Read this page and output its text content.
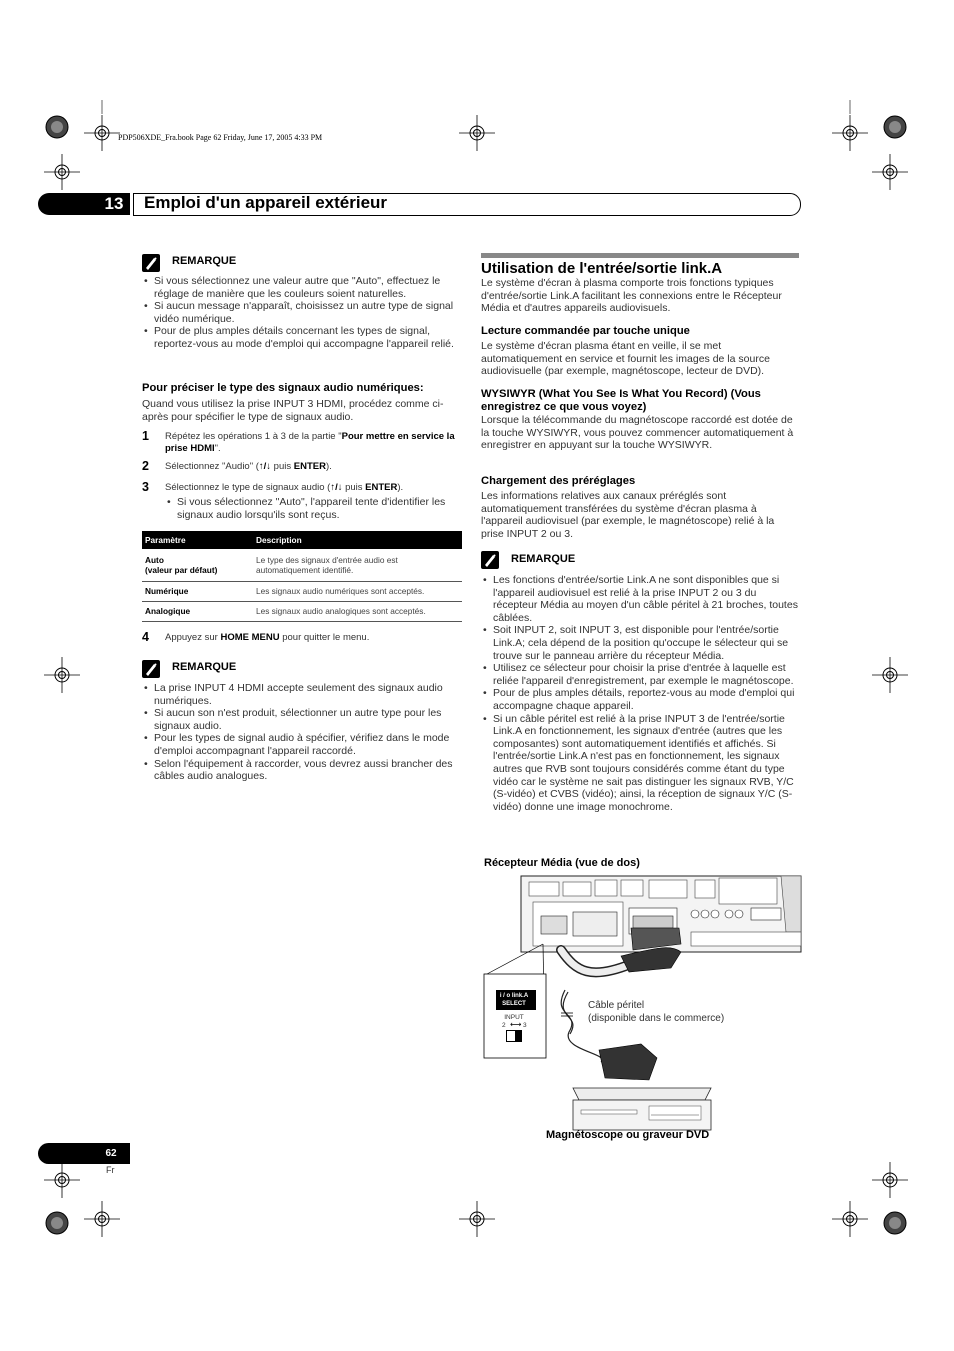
PDP506XDE_Fra.book Page 62 Friday, June 17, 2005 4:33 PM
13 Emploi d'un appareil extérieur
REMARQUE
• Si vous sélectionnez une valeur autre que "Auto", effectuez le réglage de manière que les couleurs soient naturelles.
• Si aucun message n'apparaît, choisissez un autre type de signal vidéo numérique.
• Pour de plus amples détails concernant les types de signal, reportez-vous au mode d'emploi qui accompagne l'appareil relié.
Pour préciser le type des signaux audio numériques:
Quand vous utilisez la prise INPUT 3 HDMI, procédez comme ci-après pour spécifier le type de signaux audio.
1 Répétez les opérations 1 à 3 de la partie "Pour mettre en service la prise HDMI".
2 Sélectionnez "Audio" (↑/↓ puis ENTER).
3 Sélectionnez le type de signaux audio (↑/↓ puis ENTER).
• Si vous sélectionnez "Auto", l'appareil tente d'identifier les signaux audio lorsqu'ils sont reçus.
Paramètre	Description
Auto
(valeur par défaut)	Le type des signaux d'entrée audio est automatiquement identifié.
Numérique	Les signaux audio numériques sont acceptés.
Analogique	Les signaux audio analogiques sont acceptés.
4 Appuyez sur HOME MENU pour quitter le menu.
REMARQUE
• La prise INPUT 4 HDMI accepte seulement des signaux audio numériques.
• Si aucun son n'est produit, sélectionner un autre type pour les signaux audio.
• Pour les types de signal audio à spécifier, vérifiez dans le mode d'emploi accompagnant l'appareil raccordé.
• Selon l'équipement à raccorder, vous devrez aussi brancher des câbles audio analogues.
Utilisation de l'entrée/sortie link.A
Le système d'écran à plasma comporte trois fonctions typiques d'entrée/sortie Link.A facilitant les connexions entre le Récepteur Média et d'autres appareils audiovisuels.
Lecture commandée par touche unique
Le système d'écran plasma étant en veille, il se met automatiquement en service et fournit les images de la source audiovisuelle (par exemple, magnétoscope, lecteur de DVD).
WYSIWYR (What You See Is What You Record) (Vous enregistrez ce que vous voyez)
Lorsque la télécommande du magnétoscope raccordé est dotée de la touche WYSIWYR, vous pouvez commencer automatiquement à enregistrer en appuyant sur la touche WYSIWYR.
Chargement des préréglages
Les informations relatives aux canaux préréglés sont automatiquement transférées du système d'écran plasma à l'appareil audiovisuel (par exemple, le magnétoscope) relié à la prise INPUT 2 ou 3.
REMARQUE
• Les fonctions d'entrée/sortie Link.A ne sont disponibles que si l'appareil audiovisuel est relié à la prise INPUT 2 ou 3 du récepteur Média au moyen d'un câble péritel à 21 broches, toutes câblées.
• Soit INPUT 2, soit INPUT 3, est disponible pour l'entrée/sortie Link.A; cela dépend de la position qu'occupe le sélecteur qui se trouve sur le panneau arrière du récepteur Média.
• Utilisez ce sélecteur pour choisir la prise d'entrée à laquelle est reliée l'appareil d'enregistrement, par exemple le magnétoscope.
• Pour de plus amples détails, reportez-vous au mode d'emploi qui accompagne chaque appareil.
• Si un câble péritel est relié à la prise INPUT 3 de l'entrée/sortie Link.A en fonctionnement, les signaux d'entrée (autres que les composantes) sont automatiquement identifiés et affichés. Si l'entrée/sortie Link.A n'est pas en fonctionnement, les signaux autres que RVB sont toujours considérés comme étant du type vidéo car le système ne sait pas distinguer les signaux RVB, Y/C (S-vidéo) et CVBS (vidéo); ainsi, la réception de signaux Y/C (S-vidéo) donne une image monochrome.
Récepteur Média (vue de dos)
i / o link.A
SELECT
INPUT
2 ⟷ 3
Câble péritel
(disponible dans le commerce)
Magnétoscope ou graveur DVD
62
Fr
